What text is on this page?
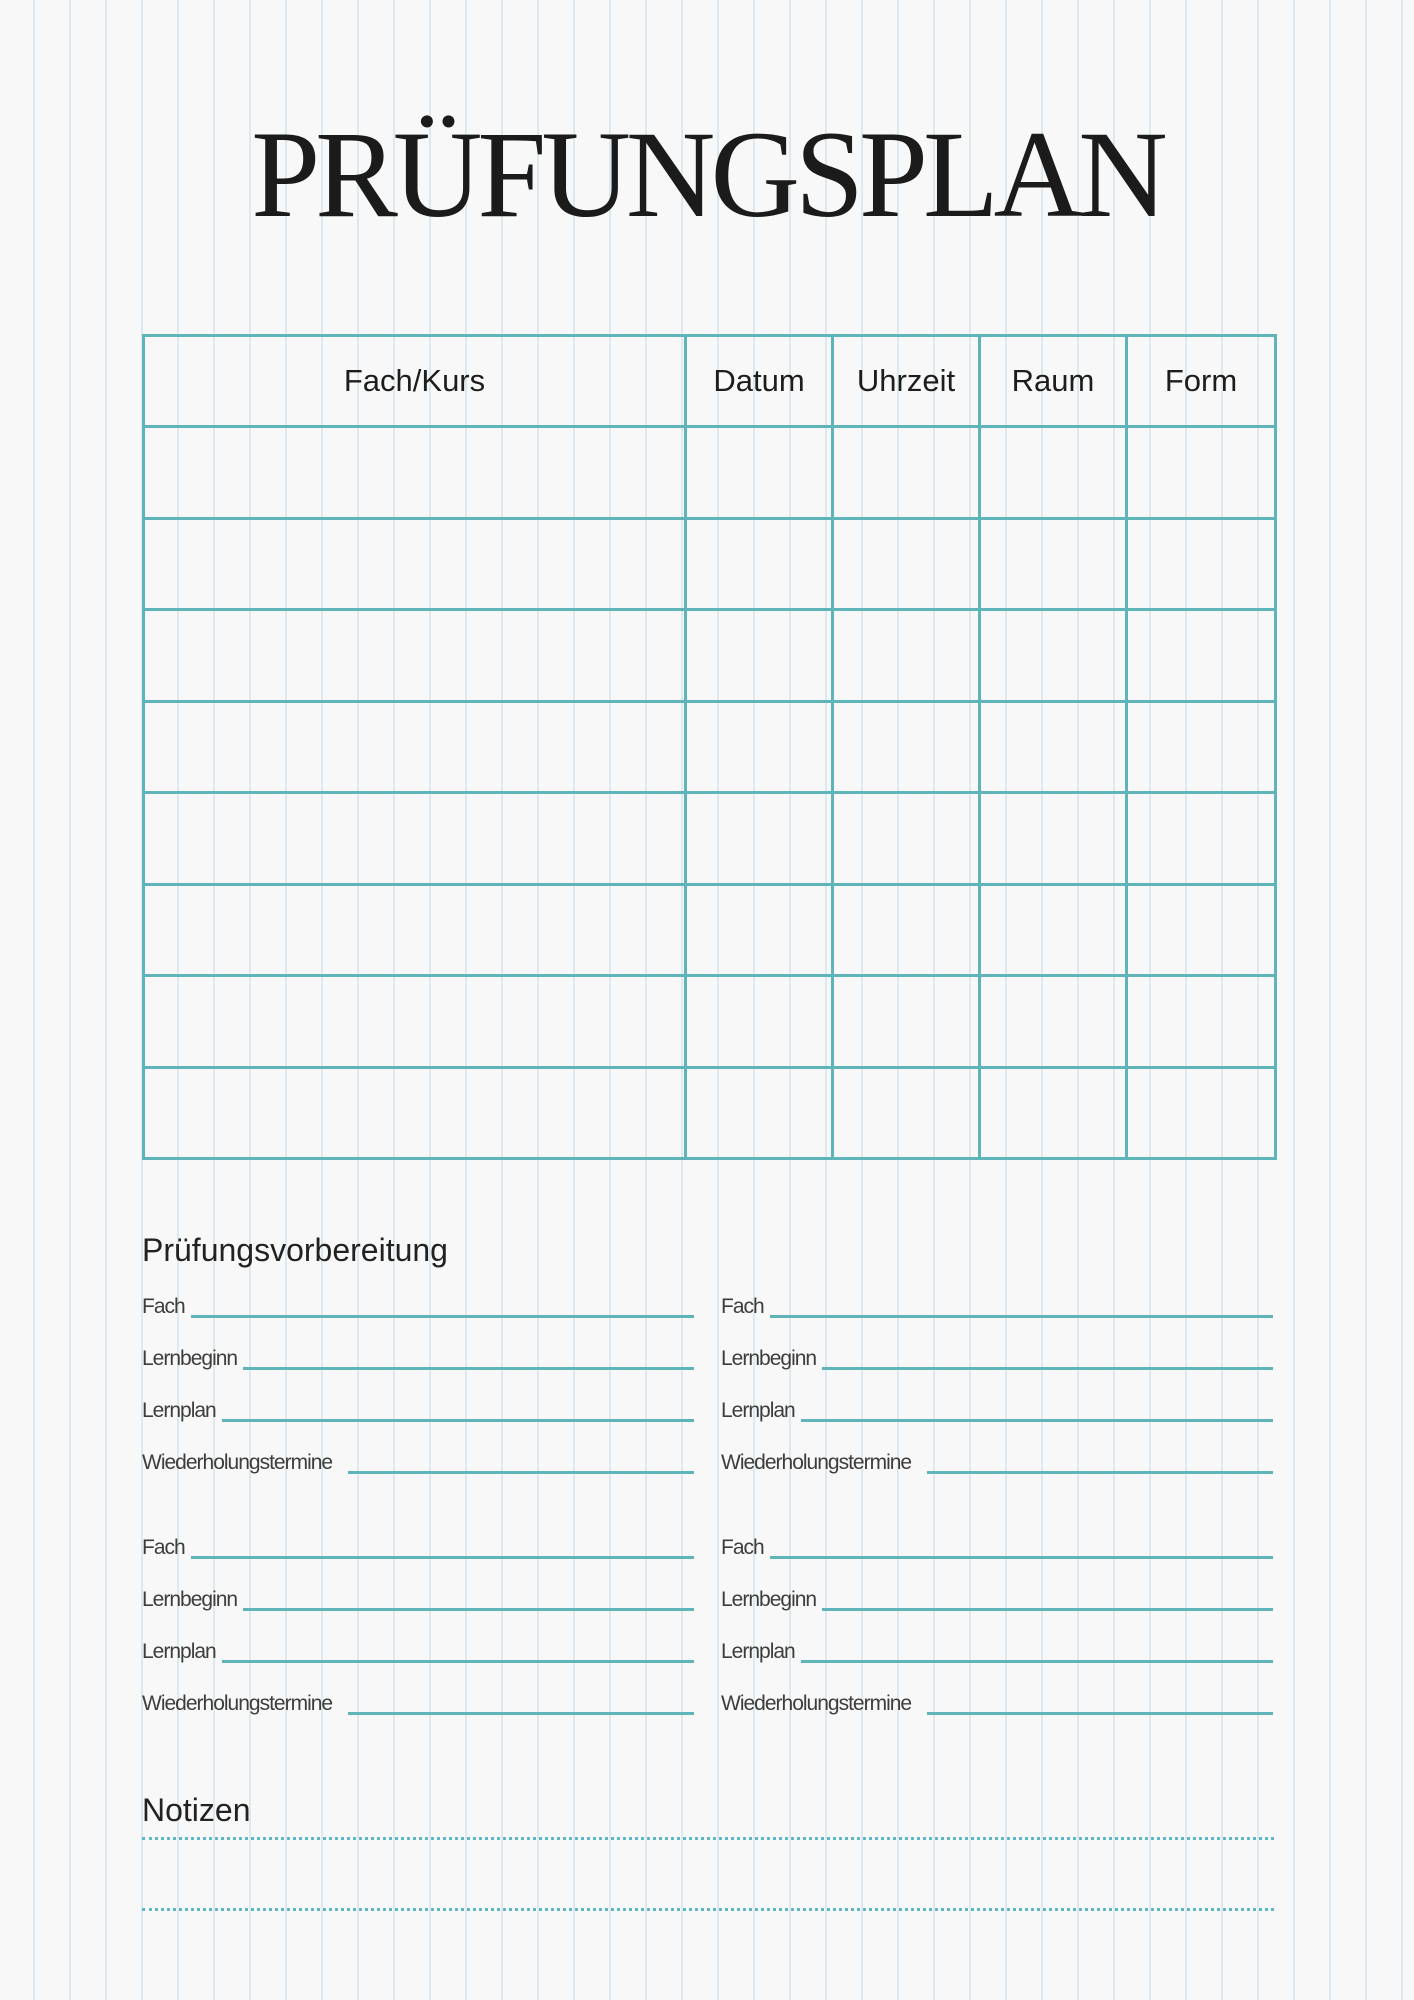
PRÜFUNGSPLAN
Fach/Kurs	Datum	Uhrzeit	Raum	Form

Prüfungsvorbereitung
Fach
Lernbeginn
Lernplan
Wiederholungstermine
Fach
Lernbeginn
Lernplan
Wiederholungstermine
Fach
Lernbeginn
Lernplan
Wiederholungstermine
Fach
Lernbeginn
Lernplan
Wiederholungstermine
Notizen
